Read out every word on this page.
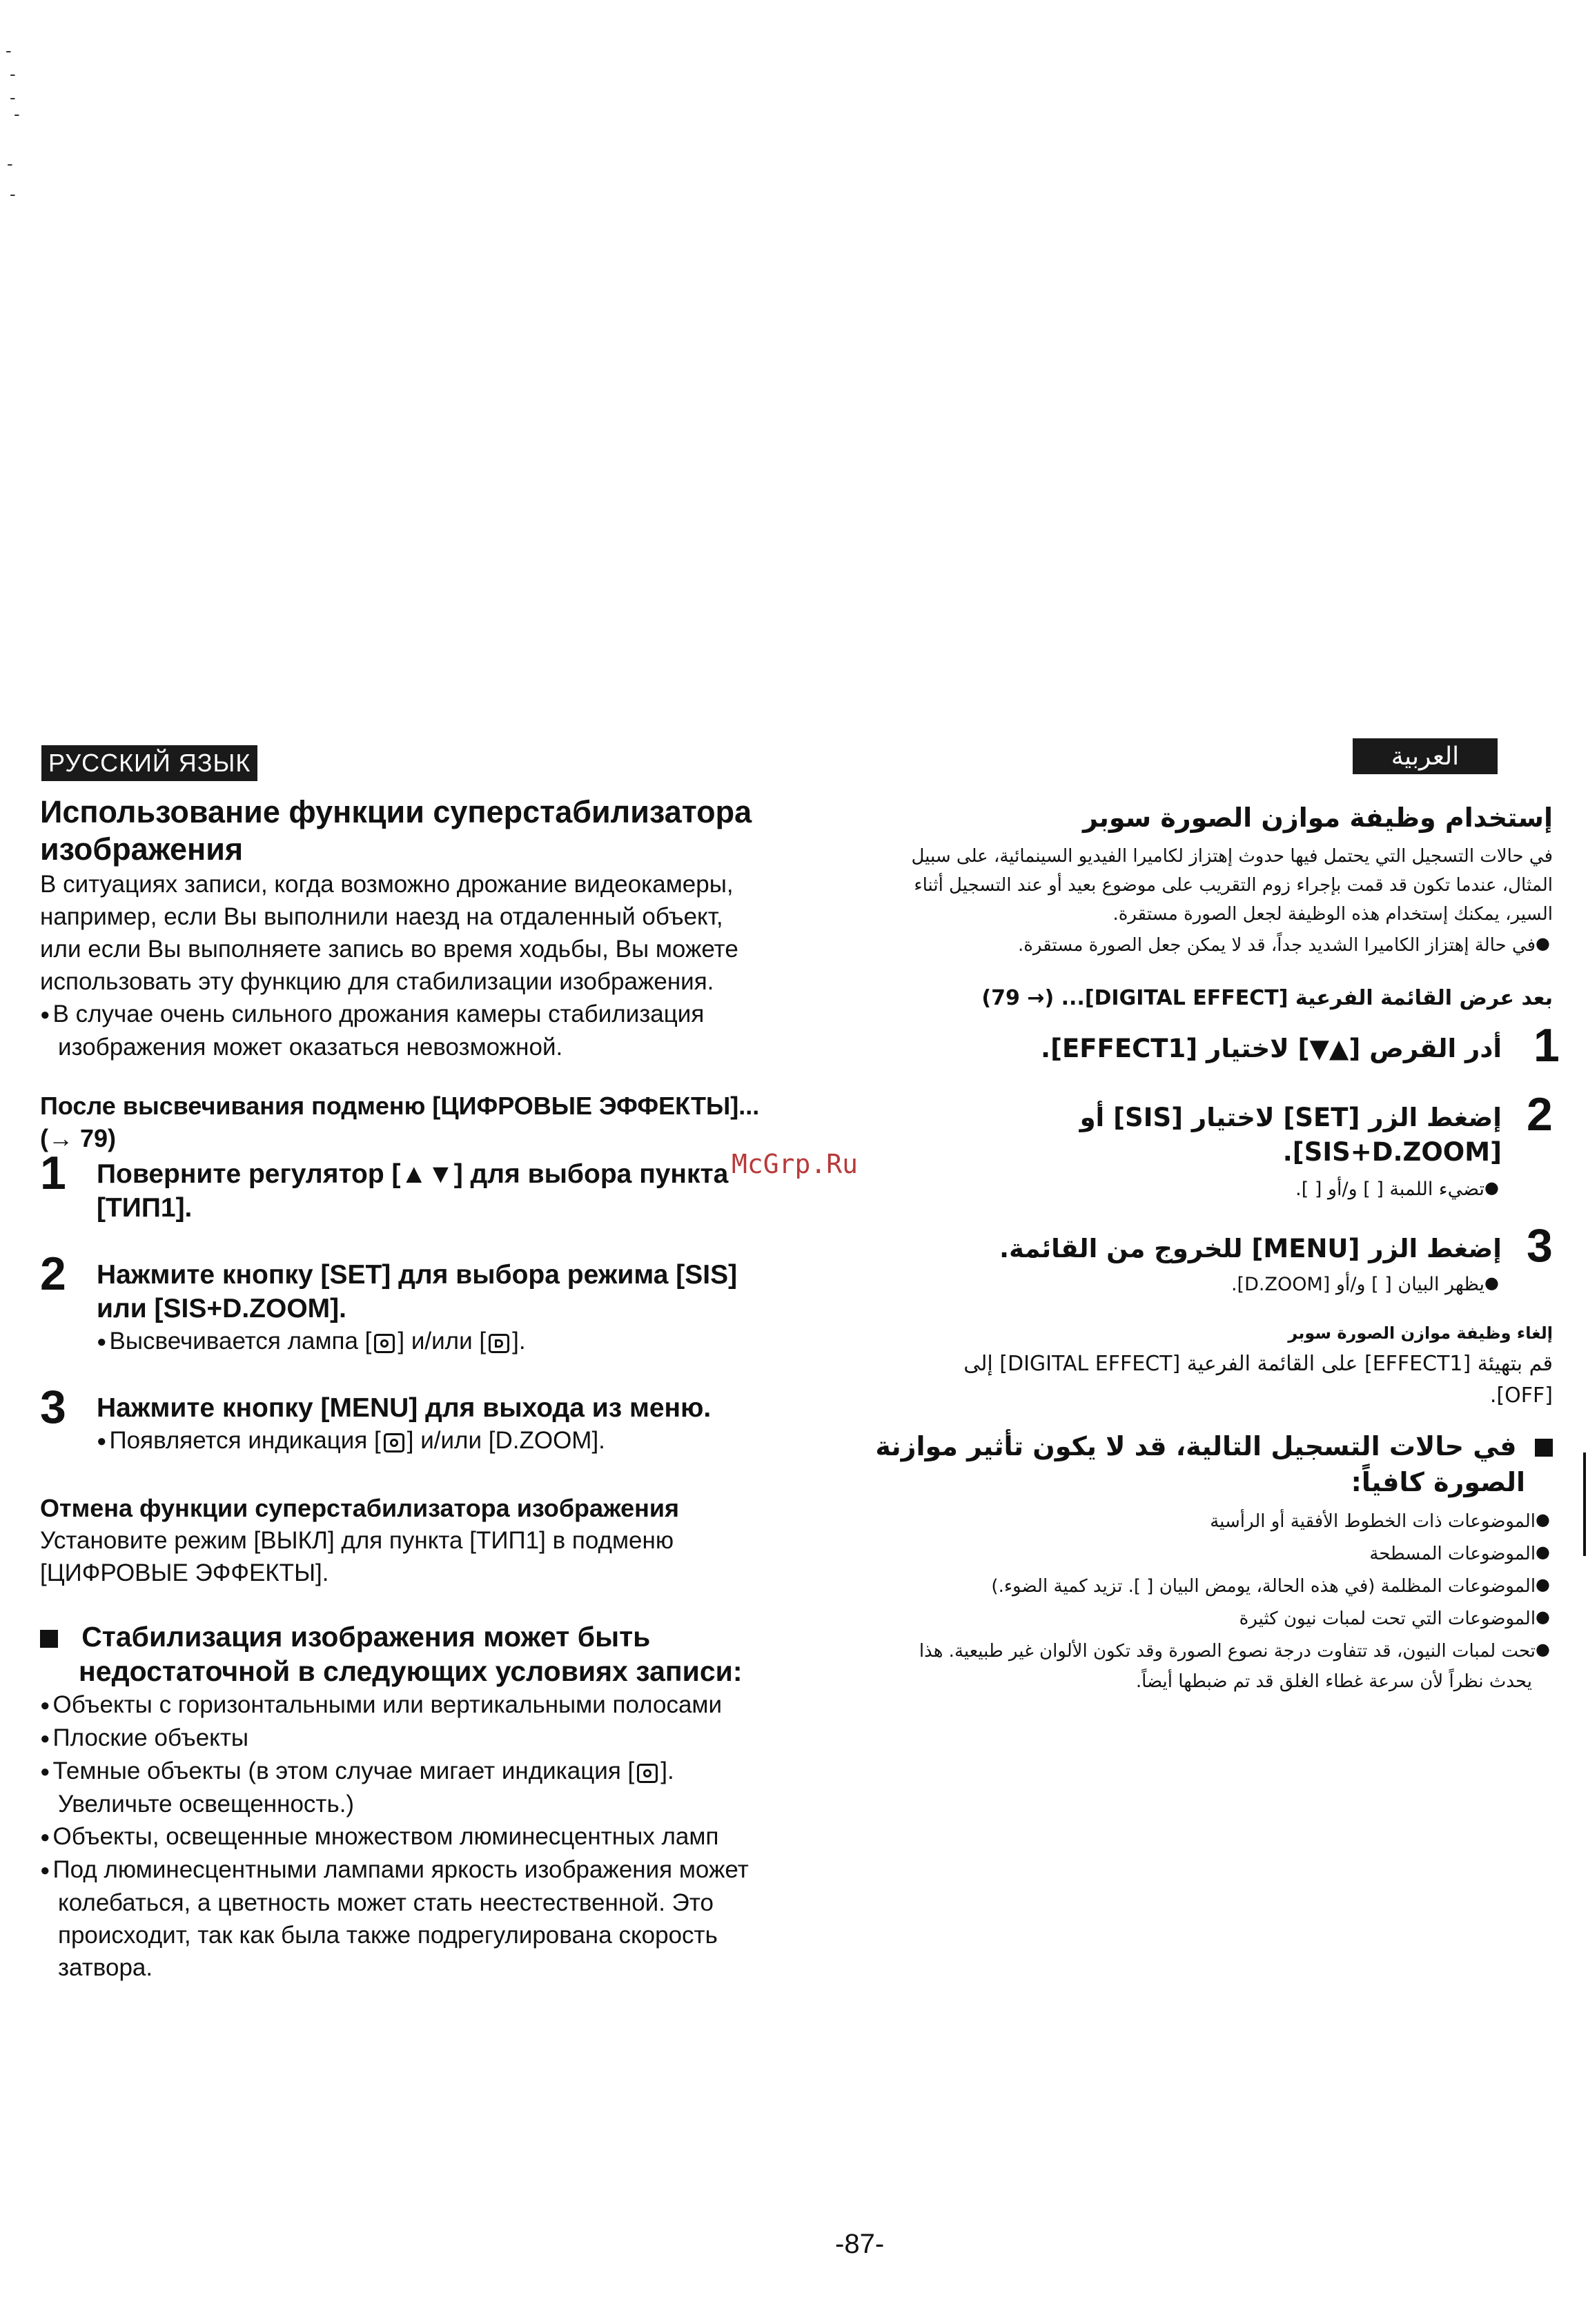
-
-
-
-
-
-
РУССКИЙ ЯЗЫК

Использование функции суперстабилизатора

изображения

В ситуациях записи, когда возможно дрожание видеокамеры,

например, если Вы выполнили наезд на отдаленный объект,

или если Вы выполняете запись во время ходьбы, Вы можете

использовать эту функцию для стабилизации изображения.

● В случае очень сильного дрожания камеры стабилизация

изображения может оказаться невозможной.

После высвечивания подменю [ЦИФРОВЫЕ ЭФФЕКТЫ]...

(→ 79)

1 Поверните регулятор [▲▼] для выбора пункта

[ТИП1].

2 Нажмите кнопку [SET] для выбора режима [SIS]

или [SIS+D.ZOOM].

● Высвечивается лампа [ ] и/или [ ].

3 Нажмите кнопку [MENU] для выхода из меню.

● Появляется индикация [ ] и/или [D.ZOOM].

Отмена функции суперстабилизатора изображения

Установите режим [ВЫКЛ] для пункта [ТИП1] в подменю

[ЦИФРОВЫЕ ЭФФЕКТЫ].

Стабилизация изображения может быть

недостаточной в следующих условиях записи:

● Объекты с горизонтальными или вертикальными полосами

● Плоские объекты

● Темные объекты (в этом случае мигает индикация [ ].

Увеличьте освещенность.)

● Объекты, освещенные множеством люминесцентных ламп

● Под люминесцентными лампами яркость изображения может

колебаться, а цветность может стать неестественной. Это

происходит, так как была также подрегулирована скорость

затвора.

McGrp.Ru
العربية
إستخدام وظيفة موازن الصورة سوبر

في حالات التسجيل التي يحتمل فيها حدوث إهتزاز لكاميرا الفيديو السينمائية، على سبيل

المثال، عندما تكون قد قمت بإجراء زوم التقريب على موضوع بعيد أو عند التسجيل أثناء

السير، يمكنك إستخدام هذه الوظيفة لجعل الصورة مستقرة.

● في حالة إهتزاز الكاميرا الشديد جداً، قد لا يمكن جعل الصورة مستقرة.

بعد عرض القائمة الفرعية [DIGITAL EFFECT]... (→ 79)
1
أدر القرص [▲▼] لاختيار [EFFECT1].
2

إضغط الزر [SET] لاختيار [SIS] أو

[SIS+D.ZOOM].

● تضيء اللمبة [ ] و/أو [ ].
3
إضغط الزر [MENU] للخروج من القائمة.
● يظهر البيان [ ] و/أو [D.ZOOM].
إلغاء وظيفة موازن الصورة سوبر

قم بتهيئة [EFFECT1] على القائمة الفرعية [DIGITAL EFFECT] إلى

[OFF].

في حالات التسجيل التالية، قد لا يكون تأثير موازنة

الصورة كافياً:

● الموضوعات ذات الخطوط الأفقية أو الرأسية

● الموضوعات المسطحة

● الموضوعات المظلمة (في هذه الحالة، يومض البيان [ ]. تزيد كمية الضوء.)

● الموضوعات التي تحت لمبات نيون كثيرة

● تحت لمبات النيون، قد تتفاوت درجة نصوع الصورة وقد تكون الألوان غير طبيعية. هذا

يحدث نظراً لأن سرعة غطاء الغلق قد تم ضبطها أيضاً.

-87-
